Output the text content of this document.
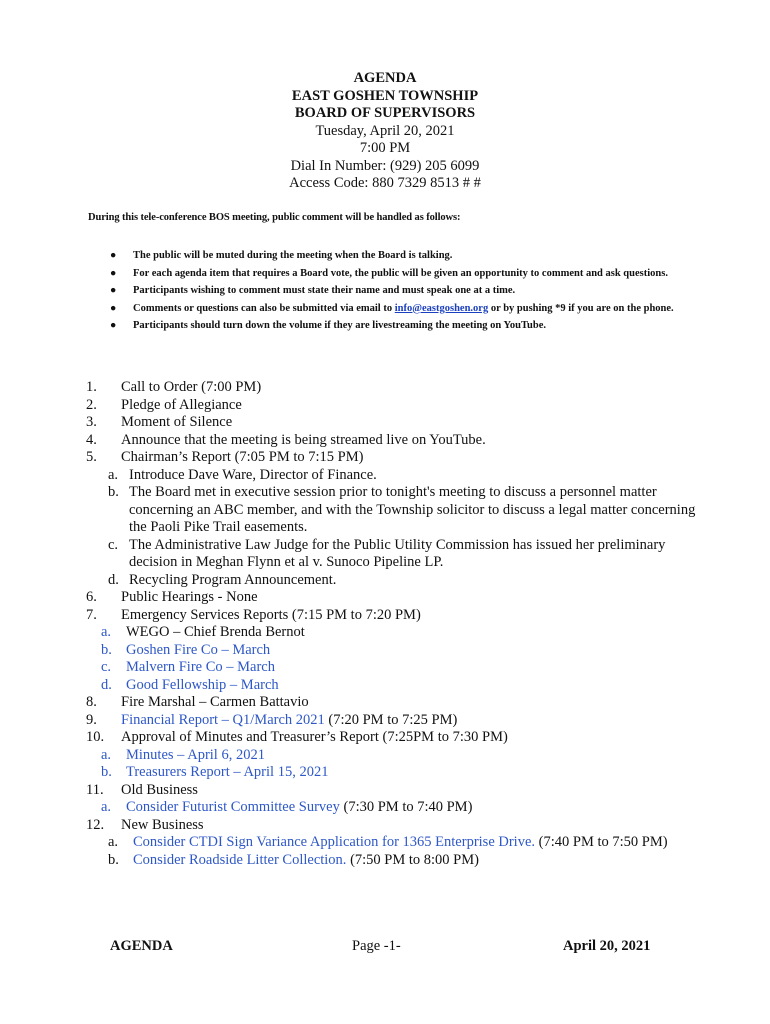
AGENDA
EAST GOSHEN TOWNSHIP
BOARD OF SUPERVISORS
Tuesday, April 20, 2021
7:00 PM
Dial In Number: (929) 205 6099
Access Code: 880 7329 8513 # #
During this tele-conference BOS meeting, public comment will be handled as follows:
● The public will be muted during the meeting when the Board is talking.
● For each agenda item that requires a Board vote, the public will be given an opportunity to comment and ask questions.
● Participants wishing to comment must state their name and must speak one at a time.
● Comments or questions can also be submitted via email to info@eastgoshen.org or by pushing *9 if you are on the phone.
● Participants should turn down the volume if they are livestreaming the meeting on YouTube.
1. Call to Order (7:00 PM)
2. Pledge of Allegiance
3. Moment of Silence
4. Announce that the meeting is being streamed live on YouTube.
5. Chairman’s Report (7:05 PM to 7:15 PM)
a. Introduce Dave Ware, Director of Finance.
b. The Board met in executive session prior to tonight's meeting to discuss a personnel matter concerning an ABC member, and with the Township solicitor to discuss a legal matter concerning the Paoli Pike Trail easements.
c. The Administrative Law Judge for the Public Utility Commission has issued her preliminary decision in Meghan Flynn et al v. Sunoco Pipeline LP.
d. Recycling Program Announcement.
6. Public Hearings - None
7. Emergency Services Reports (7:15 PM to 7:20 PM)
a. WEGO – Chief Brenda Bernot
b. Goshen Fire Co – March
c. Malvern Fire Co – March
d. Good Fellowship – March
8. Fire Marshal – Carmen Battavio
9. Financial Report – Q1/March 2021 (7:20 PM to 7:25 PM)
10. Approval of Minutes and Treasurer’s Report (7:25PM to 7:30 PM)
a. Minutes – April 6, 2021
b. Treasurers Report – April 15, 2021
11. Old Business
a. Consider Futurist Committee Survey (7:30 PM to 7:40 PM)
12. New Business
a. Consider CTDI Sign Variance Application for 1365 Enterprise Drive. (7:40 PM to 7:50 PM)
b. Consider Roadside Litter Collection. (7:50 PM to 8:00 PM)
AGENDA	Page -1-	April 20, 2021
